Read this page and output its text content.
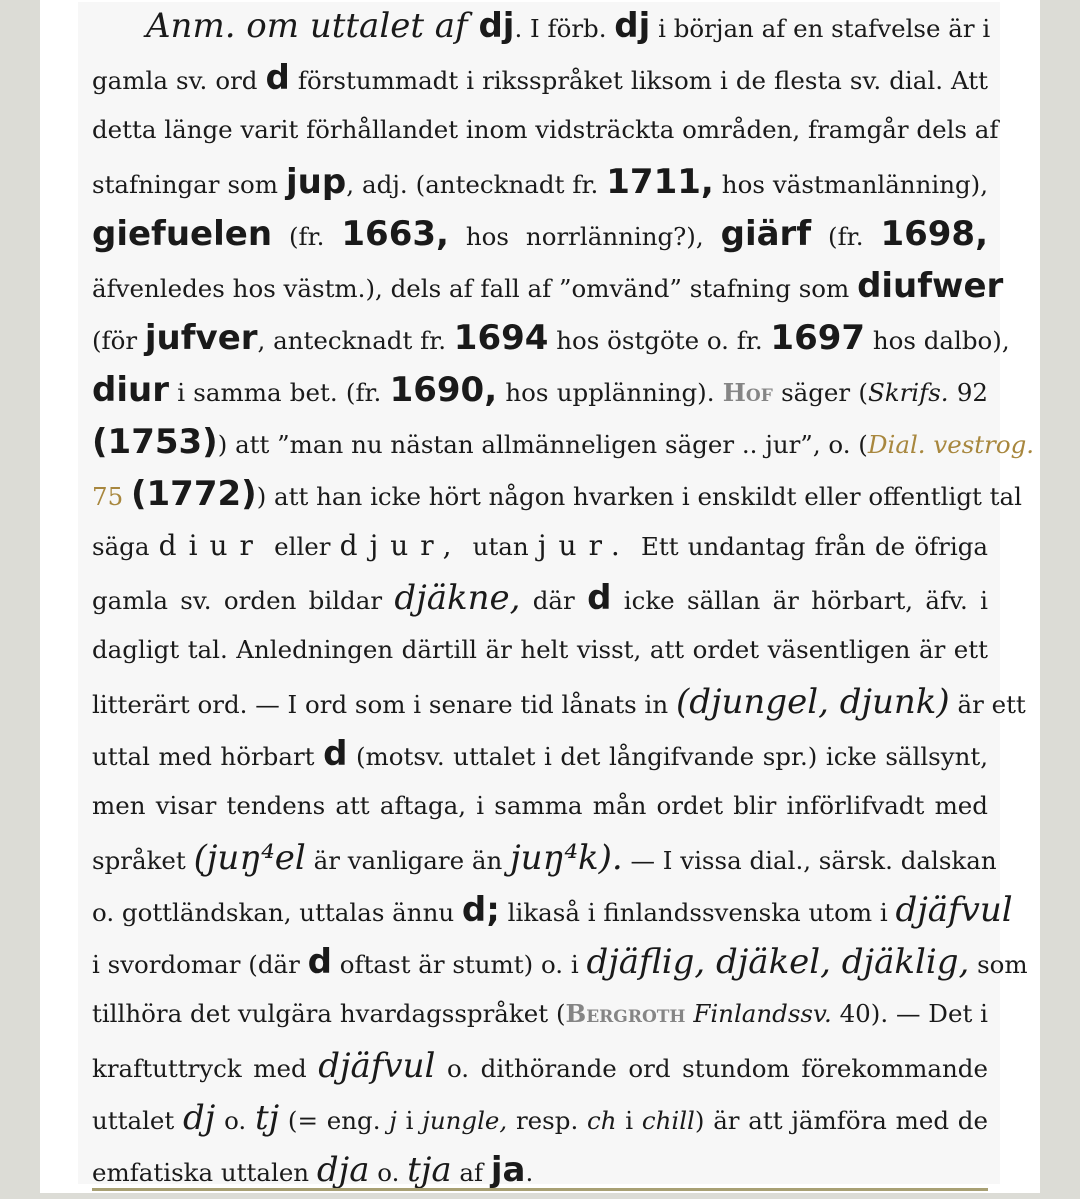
Anm. om uttalet af dj. I förb. dj i början af en stafvelse är i
gamla sv. ord d förstummadt i riksspråket liksom i de flesta sv. dial. Att
detta länge varit förhållandet inom vidsträckta områden, framgår dels af
stafningar som jup, adj. (antecknadt fr. 1711, hos västmanlänning),
giefuelen (fr. 1663, hos norrlänning?), giärf (fr. 1698,
äfvenledes hos västm.), dels af fall af ”omvänd” stafning som diufwer
(för jufver, antecknadt fr. 1694 hos östgöte o. fr. 1697 hos dalbo),
diur i samma bet. (fr. 1690, hos upplänning). Hof säger (Skrifs. 92
(1753)) att ”man nu nästan allmänneligen säger .. jur”, o. (Dial. vestrog.
75 (1772)) att han icke hört någon hvarken i enskildt eller offentligt tal
säga diur eller djur, utan jur. Ett undantag från de öfriga
gamla sv. orden bildar djäkne, där d icke sällan är hörbart, äfv. i
dagligt tal. Anledningen därtill är helt visst, att ordet väsentligen är ett
litterärt ord. — I ord som i senare tid lånats in (djungel, djunk) är ett
uttal med hörbart d (motsv. uttalet i det långifvande spr.) icke sällsynt,
men visar tendens att aftaga, i samma mån ordet blir införlifvadt med
språket (juŋ⁴el är vanligare än juŋ⁴k). — I vissa dial., särsk. dalskan
o. gottländskan, uttalas ännu d; likaså i finlandssvenska utom i djäfvul
i svordomar (där d oftast är stumt) o. i djäflig, djäkel, djäklig, som
tillhöra det vulgära hvardagsspråket (Bergroth Finlandssv. 40). — Det i
kraftuttryck med djäfvul o. dithörande ord stundom förekommande
uttalet dj o. tj (= eng. j i jungle, resp. ch i chill) är att jämföra med de
emfatiska uttalen dja o. tja af ja.
